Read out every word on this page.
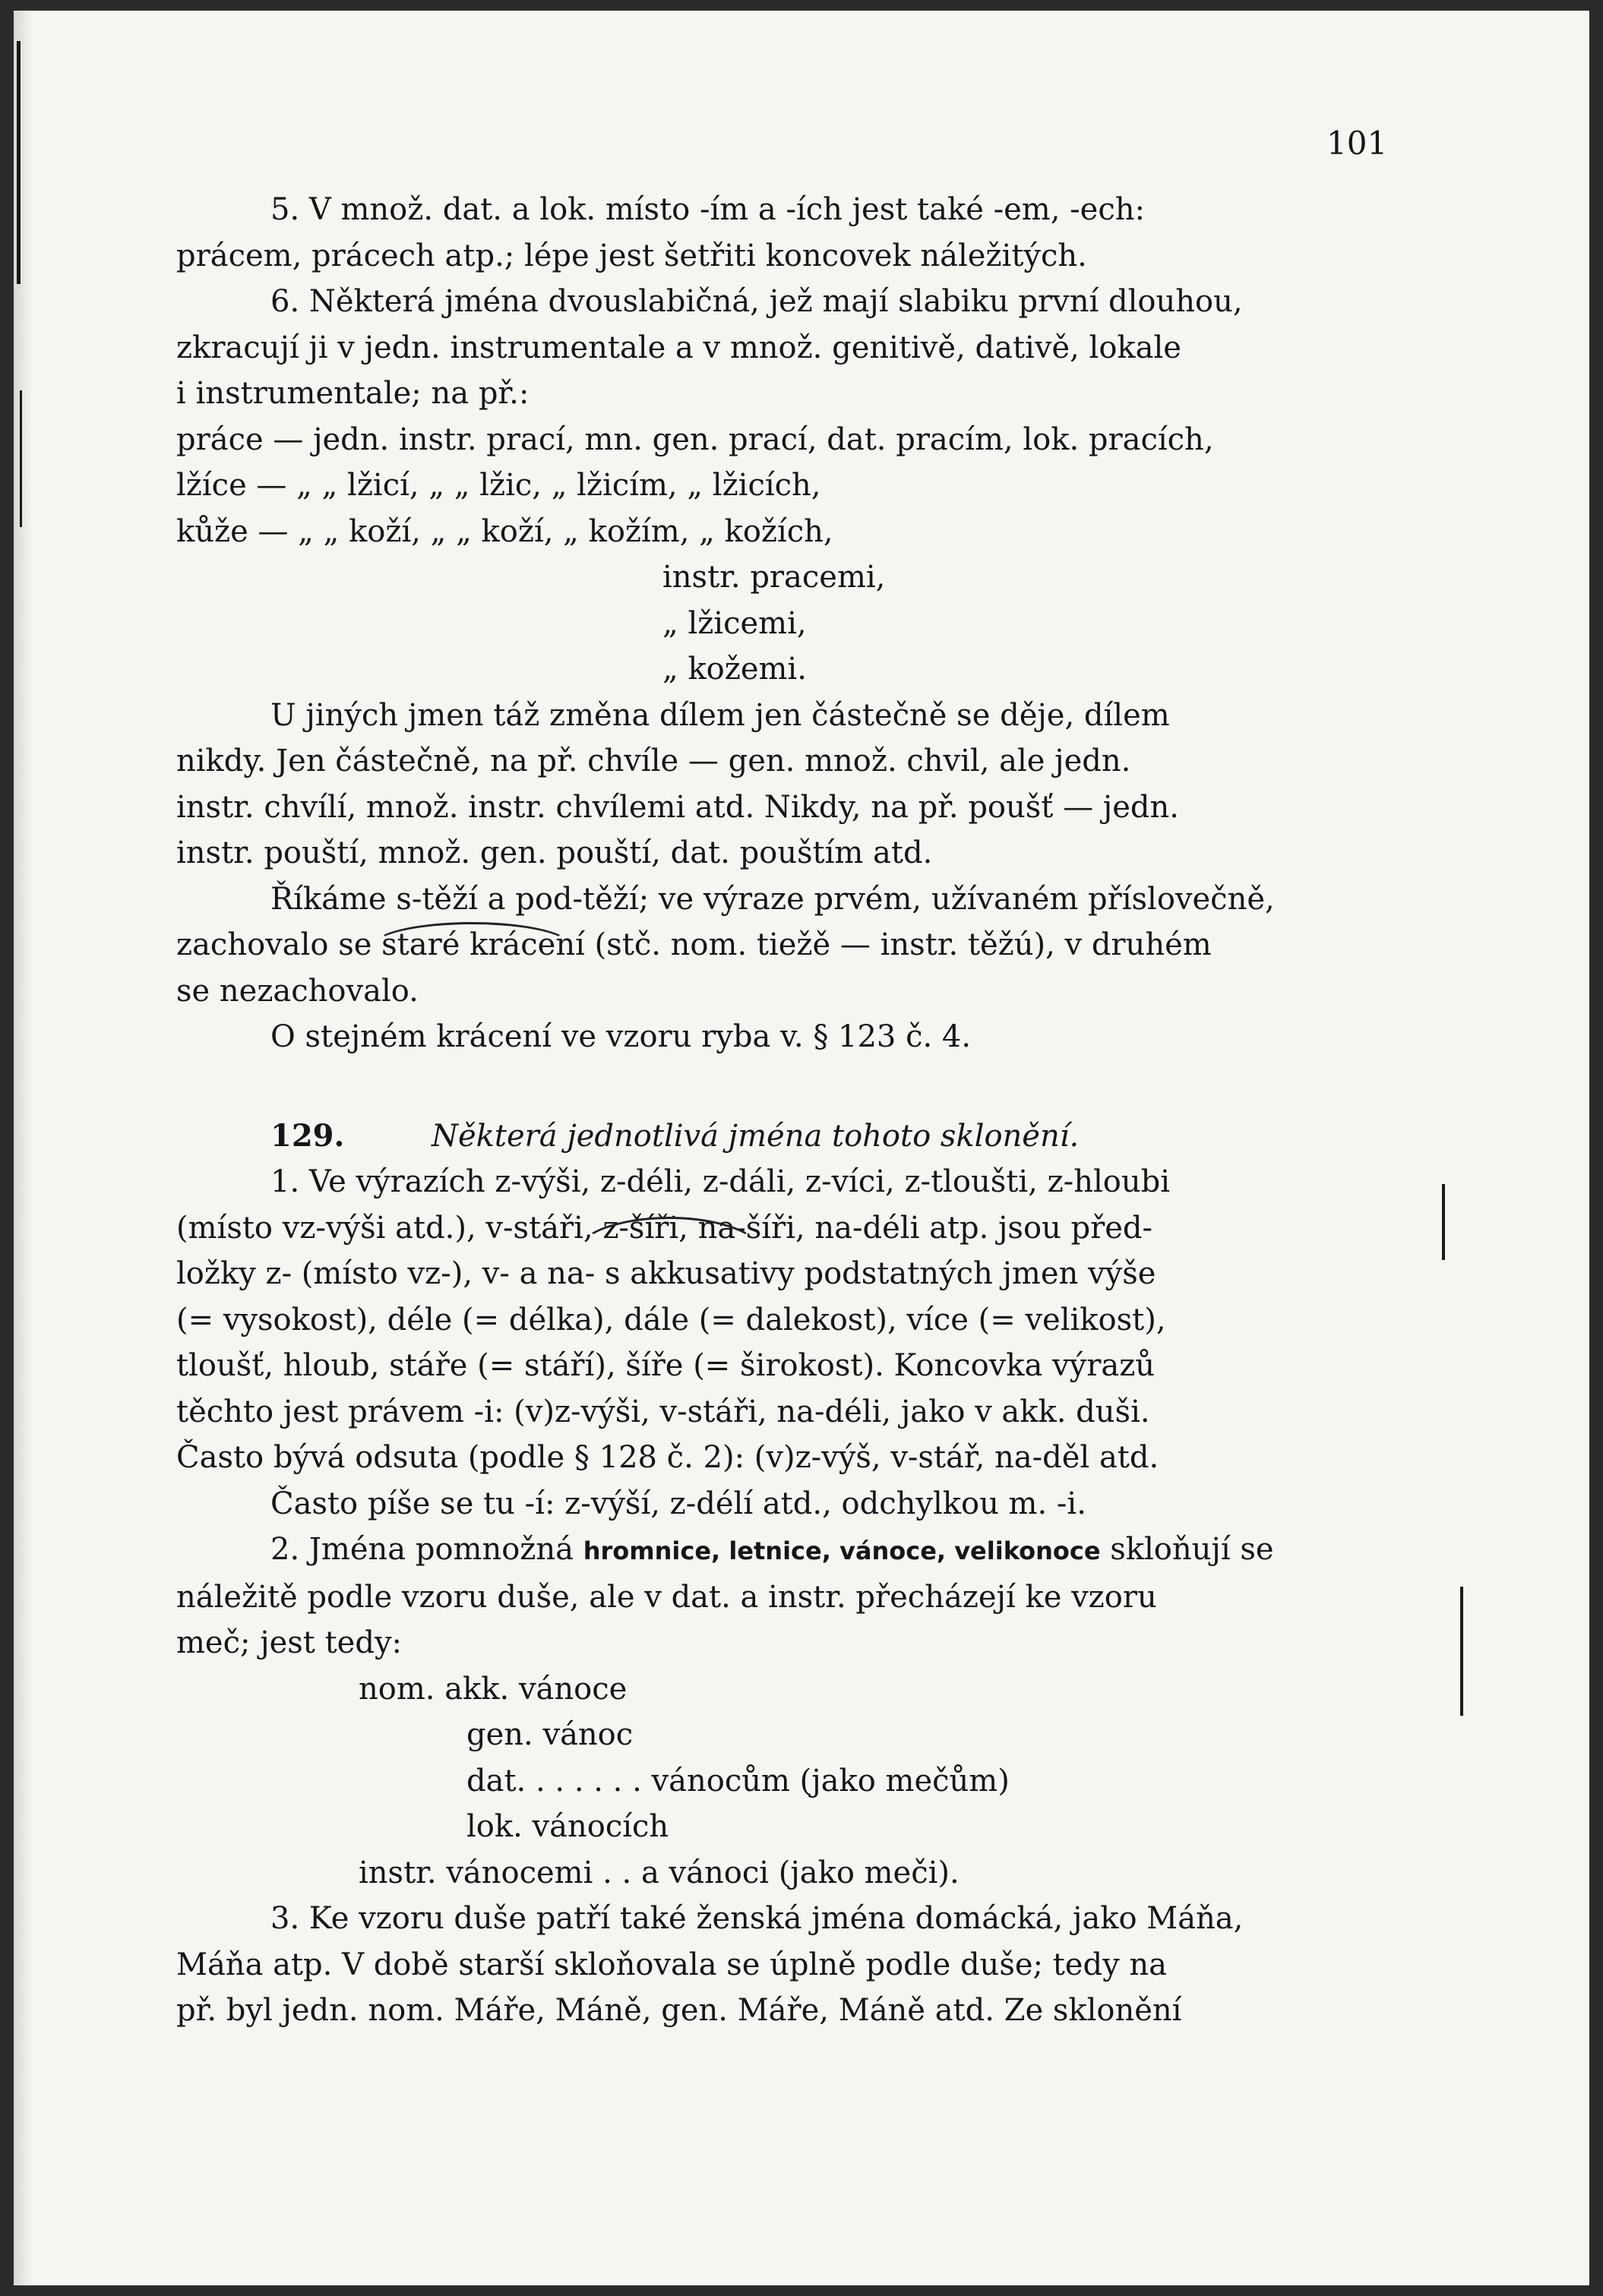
101
5. V množ. dat. a lok. místo -ím a -ích jest také -em, -ech:
prácem, prácech atp.; lépe jest šetřiti koncovek náležitých.
6. Některá jména dvouslabičná, jež mají slabiku první dlouhou,
zkracují ji v jedn. instrumentale a v množ. genitivě, dativě, lokale
i instrumentale; na př.:
práce — jedn. instr. prací, mn. gen. prací, dat. pracím, lok. pracích,
lžíce — „ „ lžicí, „ „ lžic, „ lžicím, „ lžicích,
kůže — „ „ koží, „ „ koží, „ kožím, „ kožích,
instr. pracemi,
„ lžicemi,
„ kožemi.
U jiných jmen táž změna dílem jen částečně se děje, dílem
nikdy. Jen částečně, na př. chvíle — gen. množ. chvil, ale jedn.
instr. chvílí, množ. instr. chvílemi atd. Nikdy, na př. poušť — jedn.
instr. pouští, množ. gen. pouští, dat. pouštím atd.
Říkáme s-těží a pod-těží; ve výraze prvém, užívaném příslovečně,
zachovalo se staré krácení (stč. nom. tiežě — instr. těžú), v druhém
se nezachovalo.
O stejném krácení ve vzoru ryba v. § 123 č. 4.
129.	Některá jednotlivá jména tohoto sklonění.
1. Ve výrazích z-výši, z-déli, z-dáli, z-víci, z-tloušti, z-hloubi
(místo vz-výši atd.), v-stáři, z-šíři, na-šíři, na-déli atp. jsou před-
ložky z- (místo vz-), v- a na- s akkusativy podstatných jmen výše
(= vysokost), déle (= délka), dále (= dalekost), více (= velikost),
tloušť, hloub, stáře (= stáří), šíře (= širokost). Koncovka výrazů
těchto jest právem -i: (v)z-výši, v-stáři, na-déli, jako v akk. duši.
Často bývá odsuta (podle § 128 č. 2): (v)z-výš, v-stář, na-děl atd.
Často píše se tu -í: z-výší, z-délí atd., odchylkou m. -i.
2. Jména pomnožná hromnice, letnice, vánoce, velikonoce skloňují se
náležitě podle vzoru duše, ale v dat. a instr. přecházejí ke vzoru
meč; jest tedy:
nom. akk. vánoce
gen. vánoc
dat. . . . . . . vánocům (jako mečům)
lok. vánocích
instr. vánocemi . . a vánoci (jako meči).
3. Ke vzoru duše patří také ženská jména domácká, jako Máňa,
Máňa atp. V době starší skloňovala se úplně podle duše; tedy na
př. byl jedn. nom. Máře, Máně, gen. Máře, Máně atd. Ze sklonění
